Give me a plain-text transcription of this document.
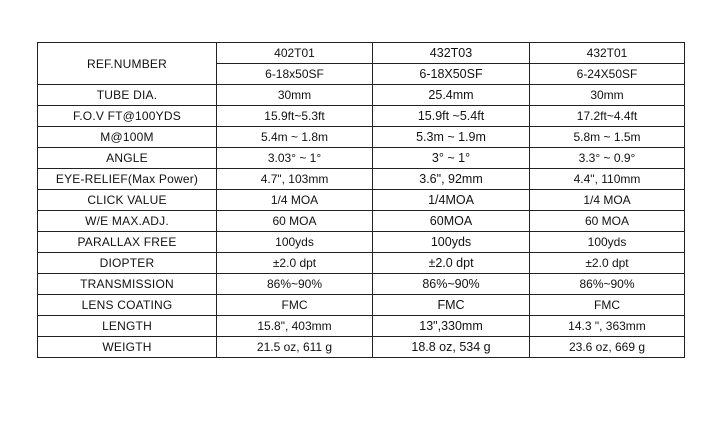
REF.NUMBER	402T01	432T03	432T01
	6-18x50SF	6-18X50SF	6-24X50SF
TUBE DIA.	30mm	25.4mm	30mm
F.O.V FT@100YDS	15.9ft~5.3ft	15.9ft ~5.4ft	17.2ft~4.4ft
M@100M	5.4m ~ 1.8m	5.3m ~ 1.9m	5.8m ~ 1.5m
ANGLE	3.03° ~ 1°	3° ~ 1°	3.3° ~ 0.9°
EYE-RELIEF(Max Power)	4.7", 103mm	3.6", 92mm	4.4", 110mm
CLICK VALUE	1/4 MOA	1/4MOA	1/4 MOA
W/E MAX.ADJ.	60 MOA	60MOA	60 MOA
PARALLAX FREE	100yds	100yds	100yds
DIOPTER	±2.0 dpt	±2.0 dpt	±2.0 dpt
TRANSMISSION	86%~90%	86%~90%	86%~90%
LENS COATING	FMC	FMC	FMC
LENGTH	15.8", 403mm	13",330mm	14.3 ", 363mm
WEIGTH	21.5 oz, 611 g	18.8 oz, 534 g	23.6 oz, 669 g
